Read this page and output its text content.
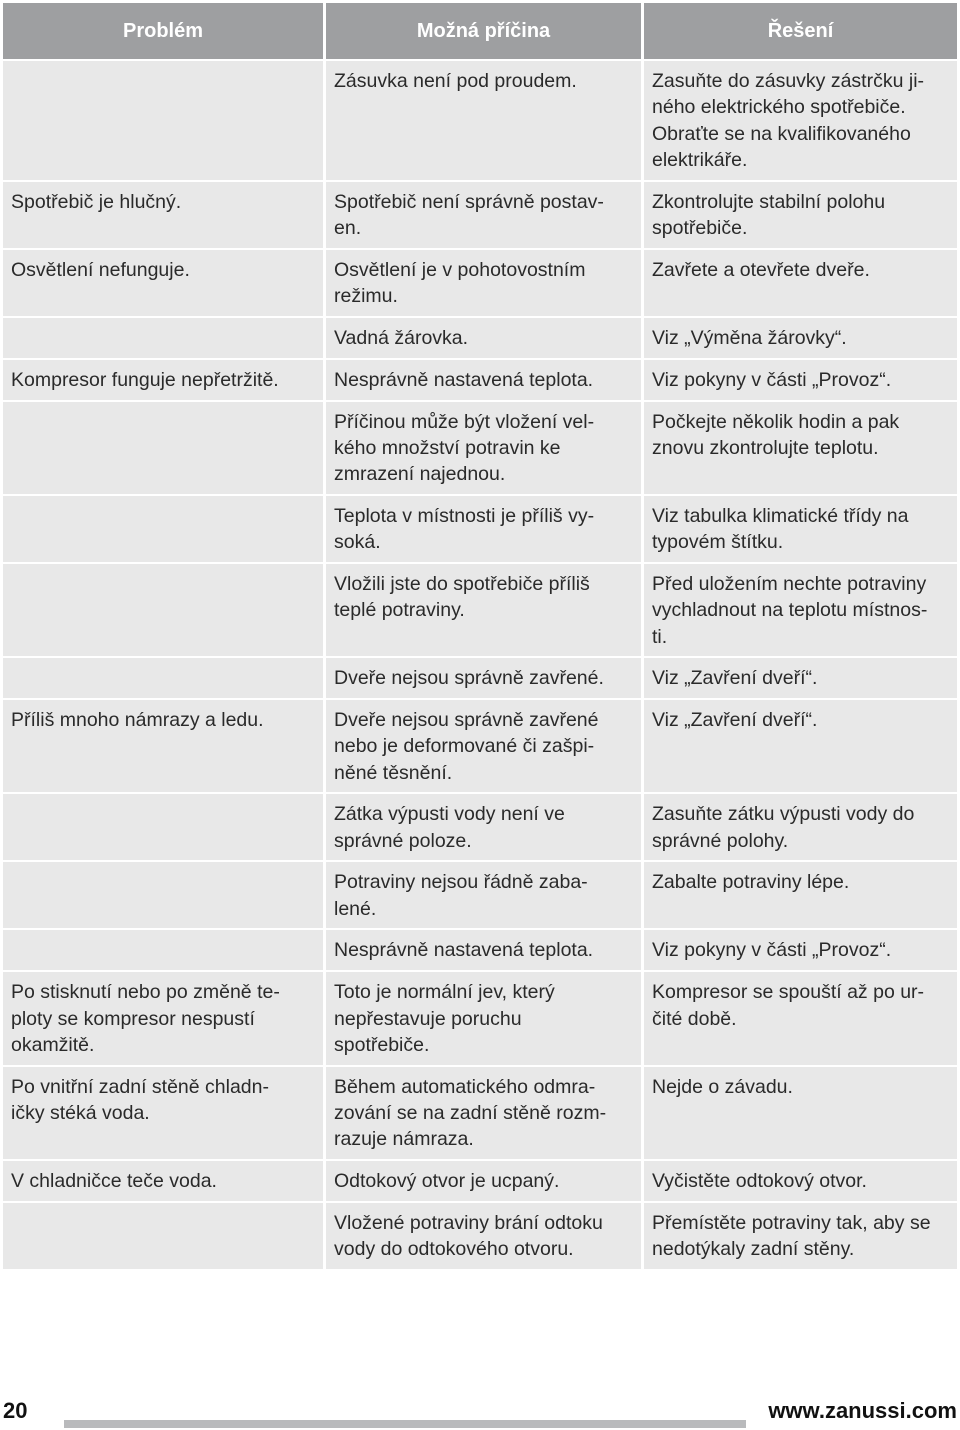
Problém	Možná příčina	Řešení

	Zásuvka není pod proudem.	Zasuňte do zásuvky zástrčku ji-
ného elektrického spotřebiče.
Obraťte se na kvalifikovaného
elektrikáře.

Spotřebič je hlučný.	Spotřebič není správně postav-
en.	Zkontrolujte stabilní polohu
spotřebiče.

Osvětlení nefunguje.	Osvětlení je v pohotovostním
režimu.	Zavřete a otevřete dveře.

	Vadná žárovka.	Viz „Výměna žárovky“.

Kompresor funguje nepřetržitě.	Nesprávně nastavená teplota.	Viz pokyny v části „Provoz“.

	Příčinou může být vložení vel-
kého množství potravin ke
zmrazení najednou.	Počkejte několik hodin a pak
znovu zkontrolujte teplotu.

	Teplota v místnosti je příliš vy-
soká.	Viz tabulka klimatické třídy na
typovém štítku.

	Vložili jste do spotřebiče příliš
teplé potraviny.	Před uložením nechte potraviny
vychladnout na teplotu místnos-
ti.

	Dveře nejsou správně zavřené.	Viz „Zavření dveří“.

Příliš mnoho námrazy a ledu.	Dveře nejsou správně zavřené
nebo je deformované či zašpi-
něné těsnění.	Viz „Zavření dveří“.

	Zátka výpusti vody není ve
správné poloze.	Zasuňte zátku výpusti vody do
správné polohy.

	Potraviny nejsou řádně zaba-
lené.	Zabalte potraviny lépe.

	Nesprávně nastavená teplota.	Viz pokyny v části „Provoz“.

Po stisknutí nebo po změně te-
ploty se kompresor nespustí
okamžitě.	Toto je normální jev, který
nepřestavuje poruchu
spotřebiče.	Kompresor se spouští až po ur-
čité době.

Po vnitřní zadní stěně chladn-
ičky stéká voda.	Během automatického odmra-
zování se na zadní stěně rozm-
razuje námraza.	Nejde o závadu.

V chladničce teče voda.	Odtokový otvor je ucpaný.	Vyčistěte odtokový otvor.

	Vložené potraviny brání odtoku
vody do odtokového otvoru.	Přemístěte potraviny tak, aby se
nedotýkaly zadní stěny.
20	www.zanussi.com
